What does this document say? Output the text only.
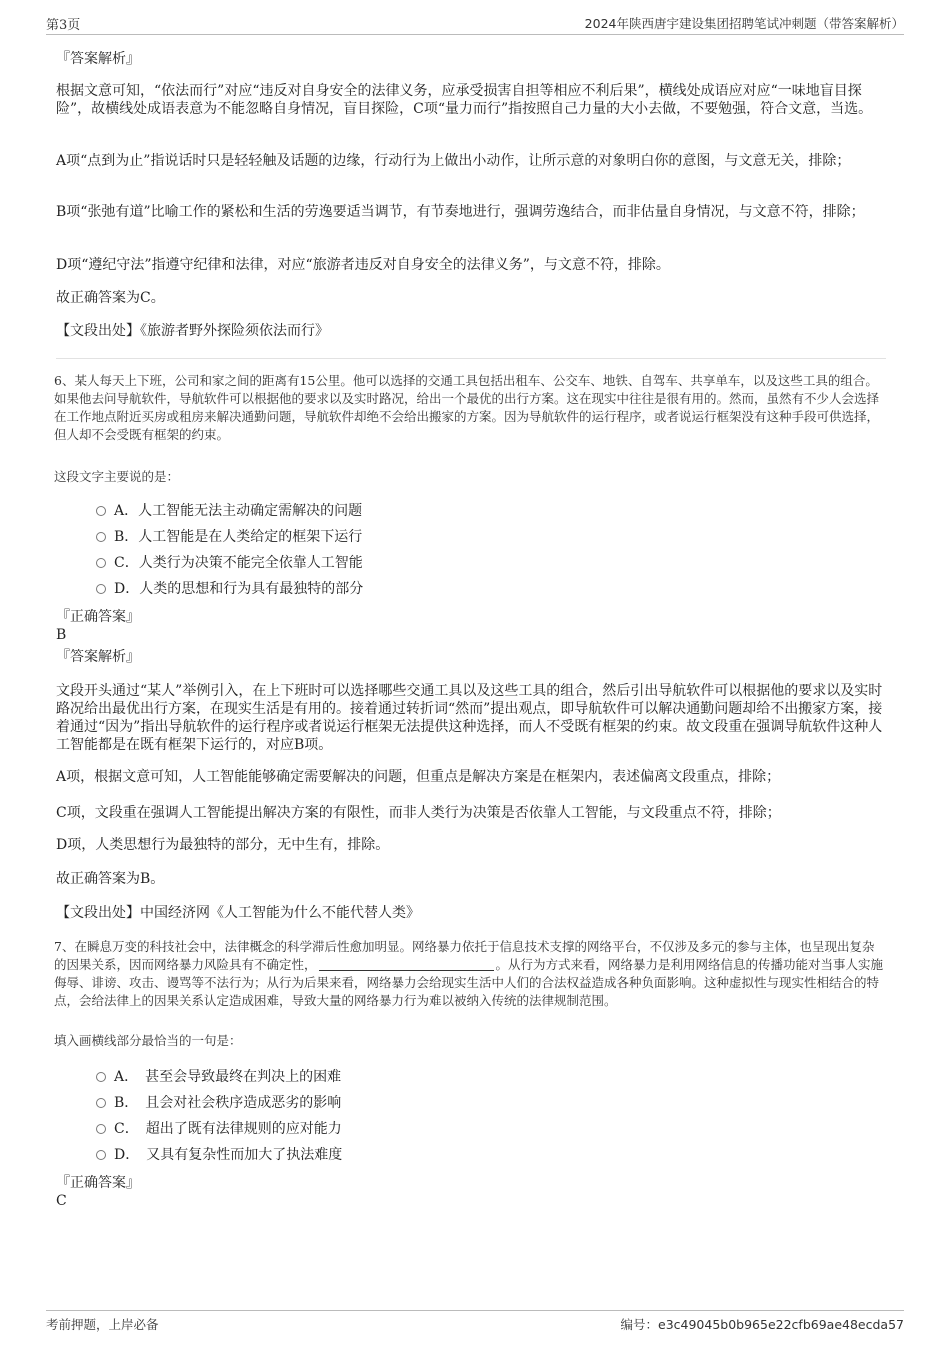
第3页	2024年陕西唐宇建设集团招聘笔试冲刺题（带答案解析）
『答案解析』
根据文意可知，“依法而行”对应“违反对自身安全的法律义务，应承受损害自担等相应不利后果”，横线处成语应对应“一味地盲目探险”，故横线处成语表意为不能忽略自身情况，盲目探险，C项“量力而行”指按照自己力量的大小去做，不要勉强，符合文意，当选。
A项“点到为止”指说话时只是轻轻触及话题的边缘，行动行为上做出小动作，让所示意的对象明白你的意图，与文意无关，排除；
B项“张弛有道”比喻工作的紧松和生活的劳逸要适当调节，有节奏地进行，强调劳逸结合，而非估量自身情况，与文意不符，排除；
D项“遵纪守法”指遵守纪律和法律，对应“旅游者违反对自身安全的法律义务”，与文意不符，排除。
故正确答案为C。
【文段出处】《旅游者野外探险须依法而行》
6、某人每天上下班，公司和家之间的距离有15公里。他可以选择的交通工具包括出租车、公交车、地铁、自驾车、共享单车，以及这些工具的组合。如果他去问导航软件，导航软件可以根据他的要求以及实时路况，给出一个最优的出行方案。这在现实中往往是很有用的。然而，虽然有不少人会选择在工作地点附近买房或租房来解决通勤问题，导航软件却绝不会给出搬家的方案。因为导航软件的运行程序，或者说运行框架没有这种手段可供选择，但人却不会受既有框架的约束。
这段文字主要说的是：
A．人工智能无法主动确定需解决的问题
B．人工智能是在人类给定的框架下运行
C．人类行为决策不能完全依靠人工智能
D．人类的思想和行为具有最独特的部分
『正确答案』
B
『答案解析』
文段开头通过“某人”举例引入，在上下班时可以选择哪些交通工具以及这些工具的组合，然后引出导航软件可以根据他的要求以及实时路况给出最优出行方案，在现实生活是有用的。接着通过转折词“然而”提出观点，即导航软件可以解决通勤问题却给不出搬家方案，接着通过“因为”指出导航软件的运行程序或者说运行框架无法提供这种选择，而人不受既有框架的约束。故文段重在强调导航软件这种人工智能都是在既有框架下运行的，对应B项。
A项，根据文意可知，人工智能能够确定需要解决的问题，但重点是解决方案是在框架内，表述偏离文段重点，排除；
C项，文段重在强调人工智能提出解决方案的有限性，而非人类行为决策是否依靠人工智能，与文段重点不符，排除；
D项，人类思想行为最独特的部分，无中生有，排除。
故正确答案为B。
【文段出处】中国经济网《人工智能为什么不能代替人类》
7、在瞬息万变的科技社会中，法律概念的科学滞后性愈加明显。网络暴力依托于信息技术支撑的网络平台，不仅涉及多元的参与主体，也呈现出复杂的因果关系，因而网络暴力风险具有不确定性，	。从行为方式来看，网络暴力是利用网络信息的传播功能对当事人实施侮辱、诽谤、攻击、谩骂等不法行为；从行为后果来看，网络暴力会给现实生活中人们的合法权益造成各种负面影响。这种虚拟性与现实性相结合的特点，会给法律上的因果关系认定造成困难，导致大量的网络暴力行为难以被纳入传统的法律规制范围。
填入画横线部分最恰当的一句是：
A．　甚至会导致最终在判决上的困难
B．　且会对社会秩序造成恶劣的影响
C．　超出了既有法律规则的应对能力
D．　又具有复杂性而加大了执法难度
『正确答案』
C
考前押题，上岸必备	编号：e3c49045b0b965e22cfb69ae48ecda57
